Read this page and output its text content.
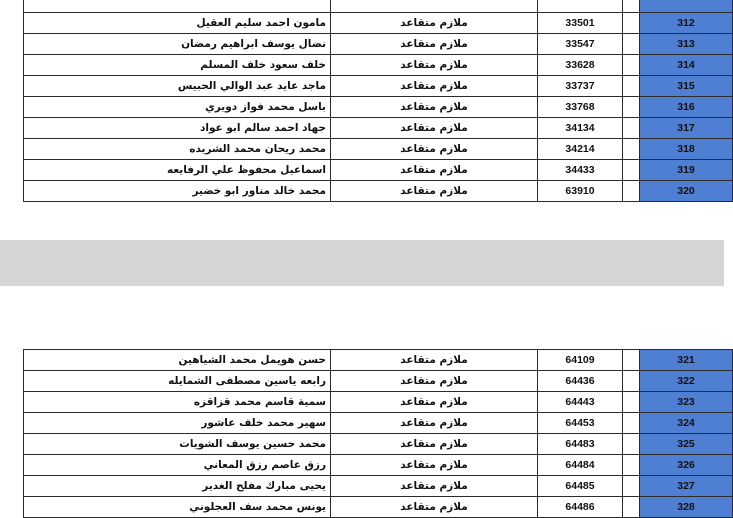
مامون احمد سليم العقيل	ملازم متقاعد	33501		312
نضال يوسف ابراهيم رمضان	ملازم متقاعد	33547		313
خلف سعود خلف المسلم	ملازم متقاعد	33628		314
ماجد عايد عبد الوالي الحبيس	ملازم متقاعد	33737		315
باسل محمد فواز دويري	ملازم متقاعد	33768		316
جهاد احمد سالم ابو عواد	ملازم متقاعد	34134		317
محمد ريحان محمد الشريده	ملازم متقاعد	34214		318
اسماعيل محفوظ علي الرفايعه	ملازم متقاعد	34433		319
محمد خالد مناور ابو خضير	ملازم متقاعد	63910		320
حسن هويمل محمد الشياهين	ملازم متقاعد	64109		321
رابعه ياسين مصطفى الشمايله	ملازم متقاعد	64436		322
سمية قاسم محمد قزاقزه	ملازم متقاعد	64443		323
سهير محمد خلف عاشور	ملازم متقاعد	64453		324
محمد حسين يوسف الشويات	ملازم متقاعد	64483		325
رزق عاصم رزق المعاني	ملازم متقاعد	64484		326
يحيى مبارك مفلح الغدير	ملازم متقاعد	64485		327
يونس محمد سف العجلوني	ملازم متقاعد	64486		328
